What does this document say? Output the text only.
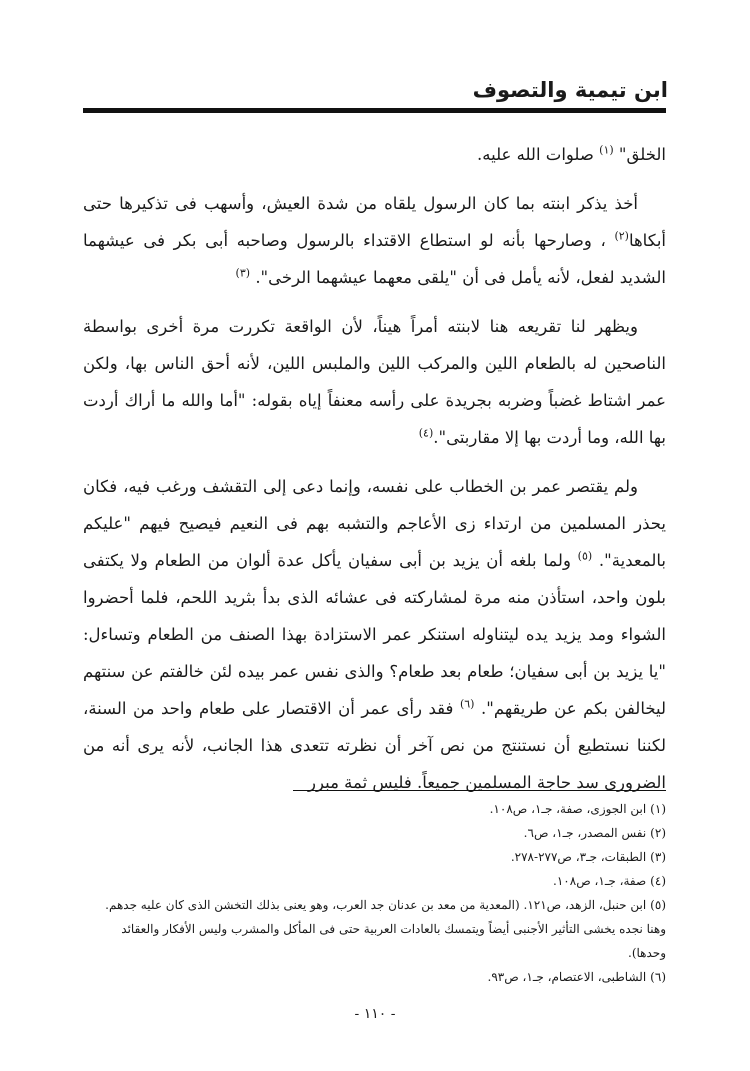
ابن تيمية والتصوف

الخلق" $^{(١)}$ صلوات الله عليه.

أخذ يذكر ابنته بما كان الرسول يلقاه من شدة العيش، وأسهب فى تذكيرها حتى أبكاها$^{(٢)}$ ، وصارحها بأنه لو استطاع الاقتداء بالرسول وصاحبه أبى بكر فى عيشهما الشديد لفعل، لأنه يأمل فى أن "يلقى معهما عيشهما الرخى". $^{(٣)}$

ويظهر لنا تقريعه هنا لابنته أمراً هيناً، لأن الواقعة تكررت مرة أخرى بواسطة الناصحين له بالطعام اللين والمركب اللين والملبس اللين، لأنه أحق الناس بها، ولكن عمر اشتاط غضباً وضربه بجريدة على رأسه معنفاً إياه بقوله: "أما والله ما أراك أردت بها الله، وما أردت بها إلا مقاربتى".$^{(٤)}$

ولم يقتصر عمر بن الخطاب على نفسه، وإنما دعى إلى التقشف ورغب فيه، فكان يحذر المسلمين من ارتداء زى الأعاجم والتشبه بهم فى النعيم فيصيح فيهم "عليكم بالمعدية". $^{(٥)}$ ولما بلغه أن يزيد بن أبى سفيان يأكل عدة ألوان من الطعام ولا يكتفى بلون واحد، استأذن منه مرة لمشاركته فى عشائه الذى بدأ بثريد اللحم، فلما أحضروا الشواء ومد يزيد يده ليتناوله استنكر عمر الاستزادة بهذا الصنف من الطعام وتساءل: "يا يزيد بن أبى سفيان؛ طعام بعد طعام؟ والذى نفس عمر بيده لئن خالفتم عن سنتهم ليخالفن بكم عن طريقهم". $^{(٦)}$ فقد رأى عمر أن الاقتصار على طعام واحد من السنة، لكننا نستطيع أن نستنتج من نص آخر أن نظرته تتعدى هذا الجانب، لأنه يرى أنه من الضرورى سد حاجة المسلمين جميعاً. فليس ثمة مبرر

(١)ابن الجوزى، صفة، جـ١، ص١٠٨.

(٢)نفس المصدر، جـ١، ص٦.

(٣)الطبقات، جـ٣، ص٢٧٧-٢٧٨.

(٤)صفة، جـ١، ص١٠٨.

(٥)ابن حنبل، الزهد، ص١٢١. (المعدية من معد بن عدنان جد العرب، وهو يعنى بذلك التخشن الذى كان عليه جدهم. وهنا نجده يخشى التأثير الأجنبى أيضاً ويتمسك بالعادات العربية حتى فى المأكل والمشرب وليس الأفكار والعقائد وحدها).

(٦)الشاطبى، الاعتصام، جـ١، ص٩٣.

- ١١٠ -
